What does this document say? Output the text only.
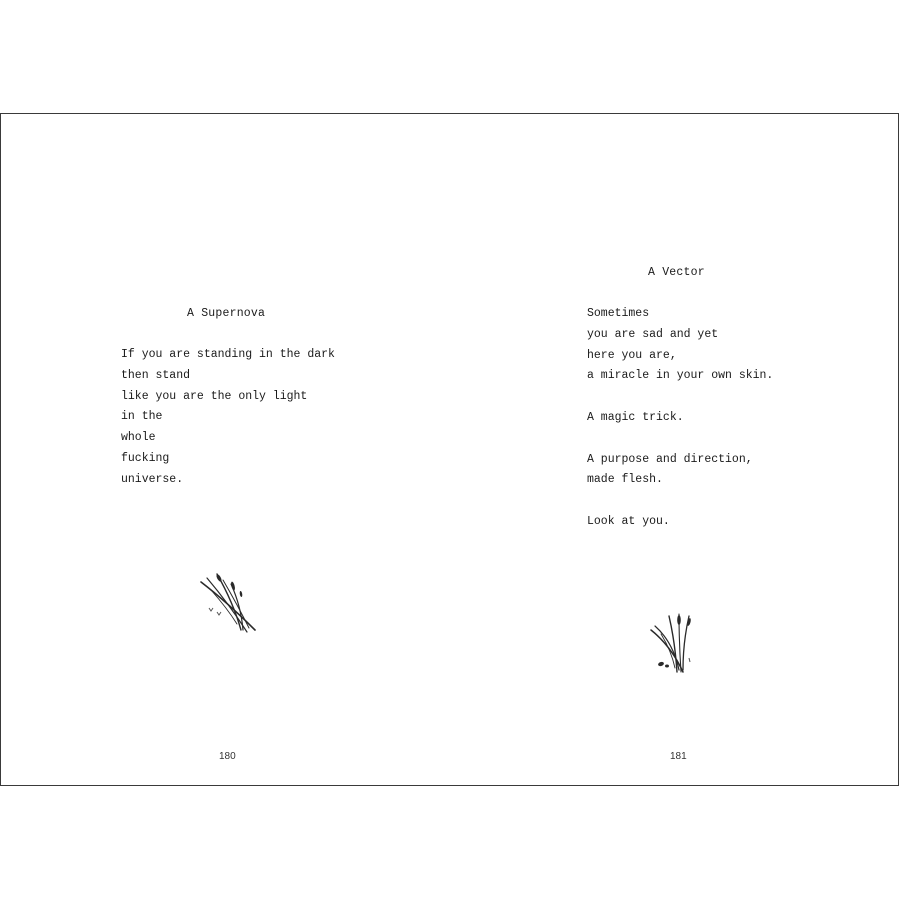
A Supernova
If you are standing in the dark
then stand
like you are the only light
in the
whole
fucking
universe.
180
A Vector
Sometimes
you are sad and yet
here you are,
a miracle in your own skin.
A magic trick.
A purpose and direction,
made flesh.
Look at you.
181
